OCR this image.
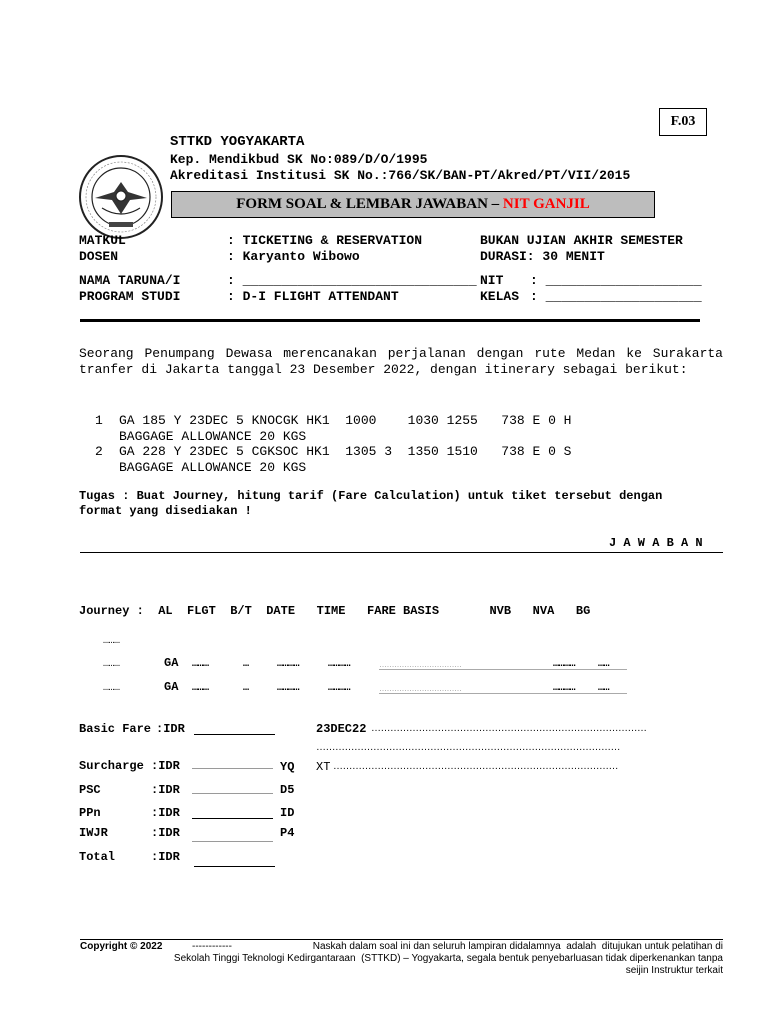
F.03

STTKD YOGYAKARTA
Kep. Mendikbud SK No:089/D/O/1995
Akreditasi Institusi SK No.:766/SK/BAN-PT/Akred/PT/VII/2015
FORM SOAL & LEMBAR JAWABAN – NIT GANJIL
MATKUL	: TICKETING & RESERVATION	BUKAN UJIAN AKHIR SEMESTER
DOSEN	: Karyanto Wibowo	DURASI: 30 MENIT
NAMA TARUNA/I	: ______________________________ NIT : ____________________
PROGRAM STUDI	: D-I FLIGHT ATTENDANT	KELAS : ____________________
Seorang Penumpang Dewasa merencanakan perjalanan dengan rute Medan ke Surakarta tranfer di Jakarta tanggal 23 Desember 2022, dengan itinerary sebagai berikut:
1 GA 185 Y 23DEC 5 KNOCGK HK1  1000    1030 1255   738 E 0 H
BAGGAGE ALLOWANCE 20 KGS
2 GA 228 Y 23DEC 5 CGKSOC HK1  1305 3  1350 1510   738 E 0 S
BAGGAGE ALLOWANCE 20 KGS
Tugas : Buat Journey, hitung tarif (Fare Calculation) untuk tiket tersebut dengan
format yang disediakan !
J A W A B A N
Journey :  AL  FLGT  B/T  DATE   TIME   FARE BASIS       NVB   NVA   BG
………
………	GA ………	…	…………	…………	……………………………	………… ……
………	GA ………	…	…………	…………	……………………………	………… ……
Basic Fare :IDR
Surcharge :IDR	YQ
PSC	:IDR	D5
PPn	:IDR	ID
IWJR	:IDR	P4
Total	:IDR
23DEC22 ……………………………………………………………………………
……………………………………………………………………………………
XT ………………………………………………………………………………
Copyright © 2022	------------	Naskah dalam soal ini dan seluruh lampiran didalamnya  adalah  ditujukan untuk pelatihan di
Sekolah Tinggi Teknologi Kedirgantaraan  (STTKD) – Yogyakarta, segala bentuk penyebarluasan tidak diperkenankan tanpa
seijin Instruktur terkait
